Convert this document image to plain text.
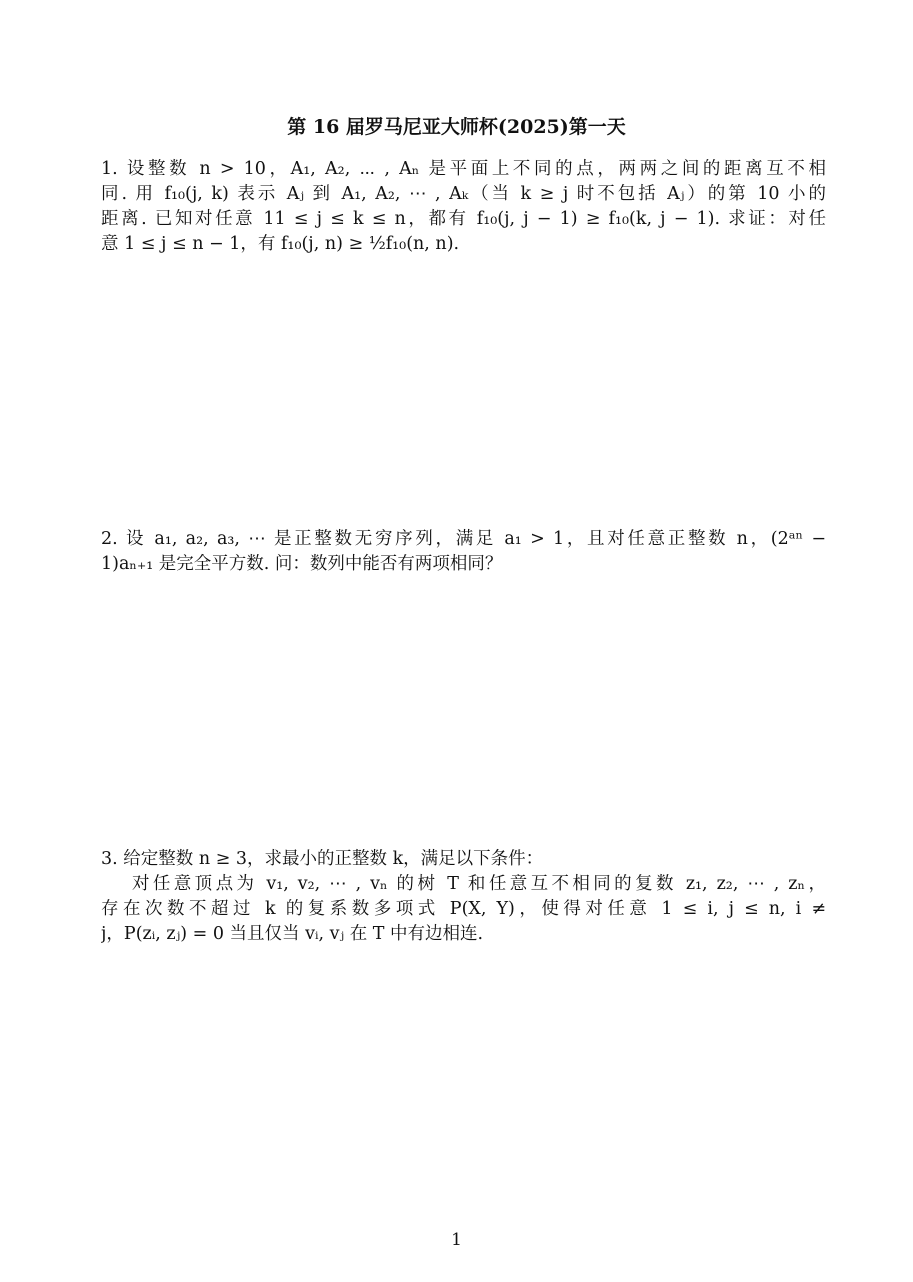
第 16 届罗马尼亚大师杯(2025)第一天
1. 设整数 n > 10，A₁, A₂, ⋯ , Aₙ 是平面上不同的点，两两之间的距离互不相
同. 用 f₁₀(j, k) 表示 Aⱼ 到 A₁, A₂, ⋯ , Aₖ（当 k ≥ j 时不包括 Aⱼ）的第 10 小的
距离. 已知对任意 11 ≤ j ≤ k ≤ n，都有 f₁₀(j, j − 1) ≥ f₁₀(k, j − 1). 求证：对任
意 1 ≤ j ≤ n − 1，有 f₁₀(j, n) ≥ ½f₁₀(n, n).
2. 设 a₁, a₂, a₃, ⋯ 是正整数无穷序列，满足 a₁ > 1，且对任意正整数 n，(2ᵃⁿ −
1)aₙ₊₁ 是完全平方数. 问：数列中能否有两项相同？
3. 给定整数 n ≥ 3，求最小的正整数 k，满足以下条件：
对任意顶点为 v₁, v₂, ⋯ , vₙ 的树 T 和任意互不相同的复数 z₁, z₂, ⋯ , zₙ，
存在次数不超过 k 的复系数多项式 P(X, Y)，使得对任意 1 ≤ i, j ≤ n, i ≠
j，P(zᵢ, zⱼ) = 0 当且仅当 vᵢ, vⱼ 在 T 中有边相连.
1
